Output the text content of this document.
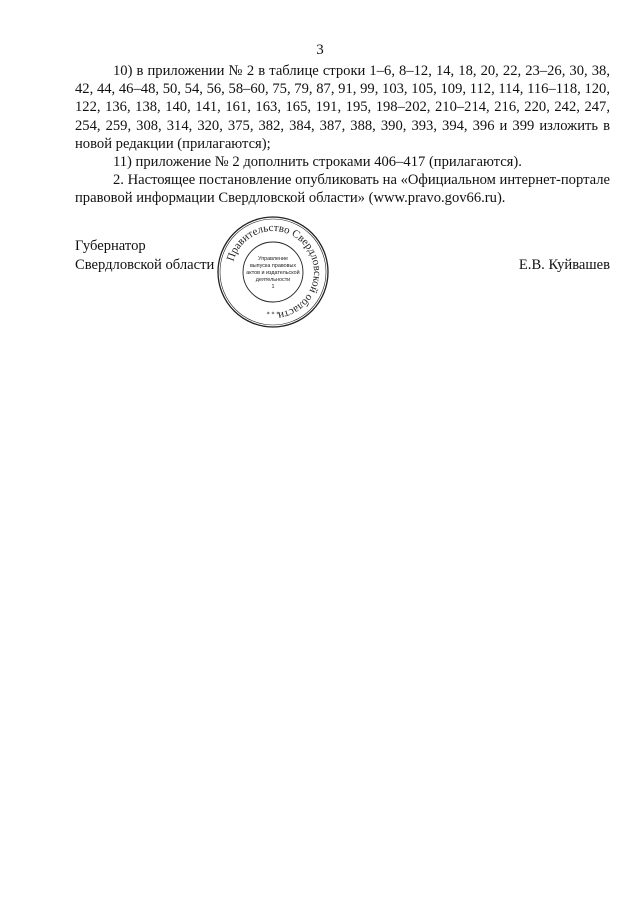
3

10) в приложении № 2 в таблице строки 1–6, 8–12, 14, 18, 20, 22, 23–26, 30, 38, 42, 44, 46–48, 50, 54, 56, 58–60, 75, 79, 87, 91, 99, 103, 105, 109, 112, 114, 116–118, 120, 122, 136, 138, 140, 141, 161, 163, 165, 191, 195, 198–202, 210–214, 216, 220, 242, 247, 254, 259, 308, 314, 320, 375, 382, 384, 387, 388, 390, 393, 394, 396 и 399 изложить в новой редакции (прилагаются);

11) приложение № 2 дополнить строками 406–417 (прилагаются).

2. Настоящее постановление опубликовать на «Официальном интернет-портале правовой информации Свердловской области» (www.pravo.gov66.ru).

Губернатор
Свердловской области
Правительство Свердловской области
Управление
выпуска правовых
актов и издательской
деятельности
1
* * *
Е.В. Куйвашев
